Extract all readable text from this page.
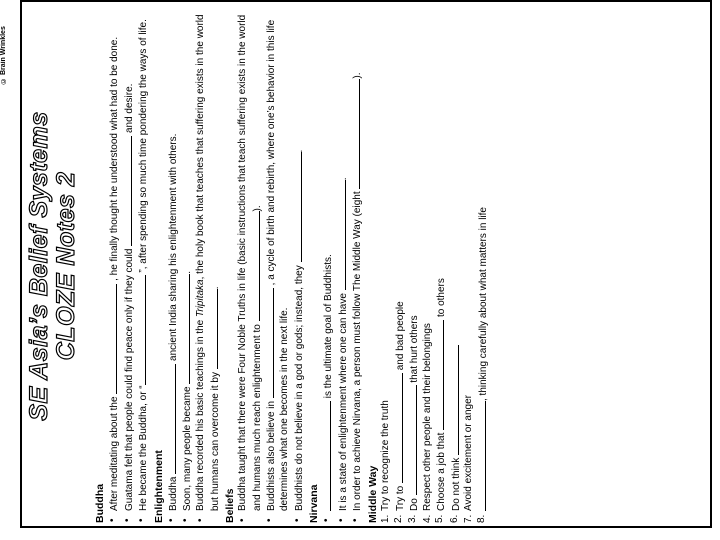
© Brain Wrinkles
SE Asia’s Belief Systems CLOZE Notes 2
Buddha • After meditating about the  , he finally thought he understood what had to be done.
• Guatama felt that people could find peace only if they could  and desire.
• He became the Buddha, or “ ”, after spending so much time pondering the ways of life.
Enlightenment • Buddha  ancient India sharing his enlightenment with others.
• Soon, many people became .
• Buddha recorded his basic teachings in the Tripitaka, the holy book that teaches that suffering exists in the world but humans can overcome it by .
Beliefs • Buddha taught that there were Four Noble Truths in life (basic instructions that teach suffering exists in the world and humans much reach enlightenment to ).
• Buddhists also believe in  , a cycle of birth and rebirth, where one’s behavior in this life determines what one becomes in the next life. • Buddhists do not believe in a god or gods; instead, they .
Nirvana
• is the ultimate goal of Buddhists. • It is a state of enlightenment where one can have .
• In order to achieve Nirvana, a person must follow The Middle Way (eight ).
Middle Way 1.
Try to recognize the truth
2.
Try to  and bad people
3.
Do  that hurt others
4.
Respect other people and their belongings
5.
Choose a job that  to others
6.
Do not think
7.
Avoid excitement or anger
8.
, thinking carefully about what matters in life
